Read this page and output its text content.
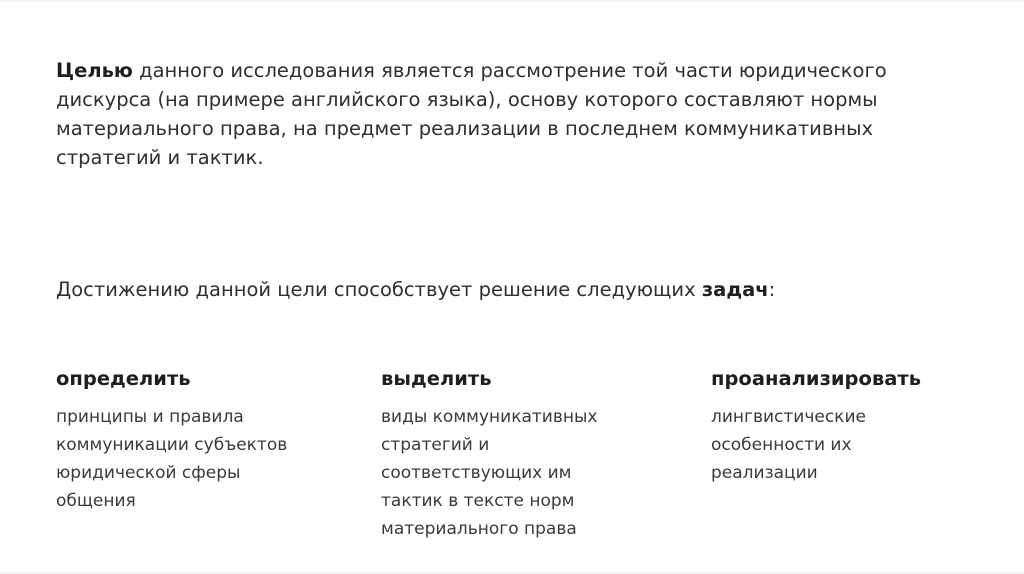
Целью данного исследования является рассмотрение той части юридического
дискурса (на примере английского языка), основу которого составляют нормы
материального права, на предмет реализации в последнем коммуникативных
стратегий и тактик.

Достижению данной цели способствует решение следующих задач:

определить

принципы и правила
коммуникации субъектов
юридической сферы
общения

выделить

виды коммуникативных
стратегий и
соответствующих им
тактик в тексте норм
материального права

проанализировать

лингвистические
особенности их
реализации
